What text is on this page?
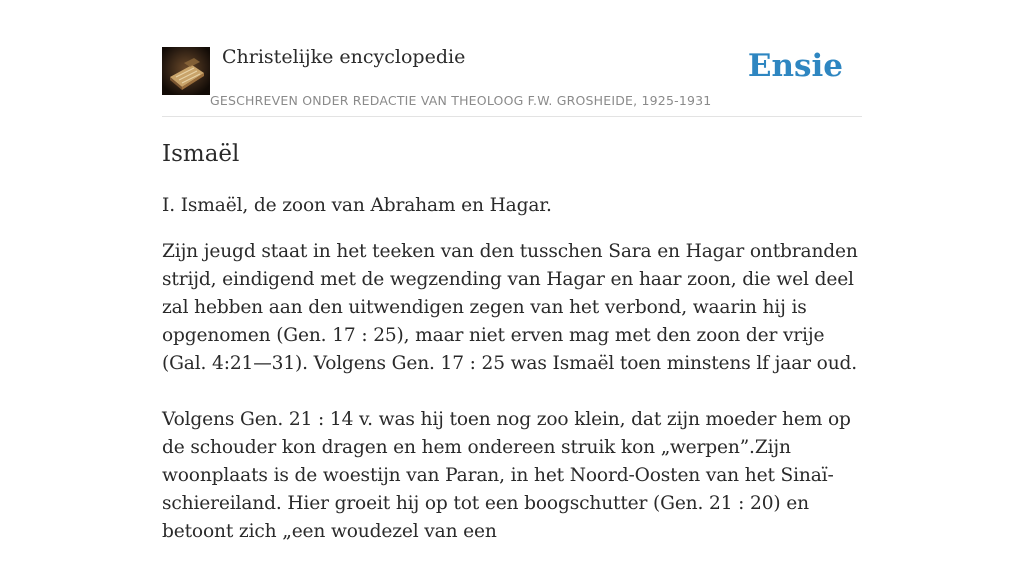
Christelijke encyclopedie
GESCHREVEN ONDER REDACTIE VAN THEOLOOG F.W. GROSHEIDE, 1925-1931
Ensie
Ismaël

I. Ismaël, de zoon van Abraham en Hagar.

Zijn jeugd staat in het teeken van den tusschen Sara en Hagar ontbranden strijd, eindigend met de wegzending van Hagar en haar zoon, die wel deel zal hebben aan den uitwendigen zegen van het verbond, waarin hij is opgenomen (Gen. 17 : 25), maar niet erven mag met den zoon der vrije (Gal. 4:21—31). Volgens Gen. 17 : 25 was Ismaël toen minstens lf jaar oud.

Volgens Gen. 21 : 14 v. was hij toen nog zoo klein, dat zijn moeder hem op de schouder kon dragen en hem ondereen struik kon „werpen”.Zijn woonplaats is de woestijn van Paran, in het Noord-Oosten van het Sinaï-schiereiland. Hier groeit hij op tot een boogschutter (Gen. 21 : 20) en betoont zich „een woudezel van een
